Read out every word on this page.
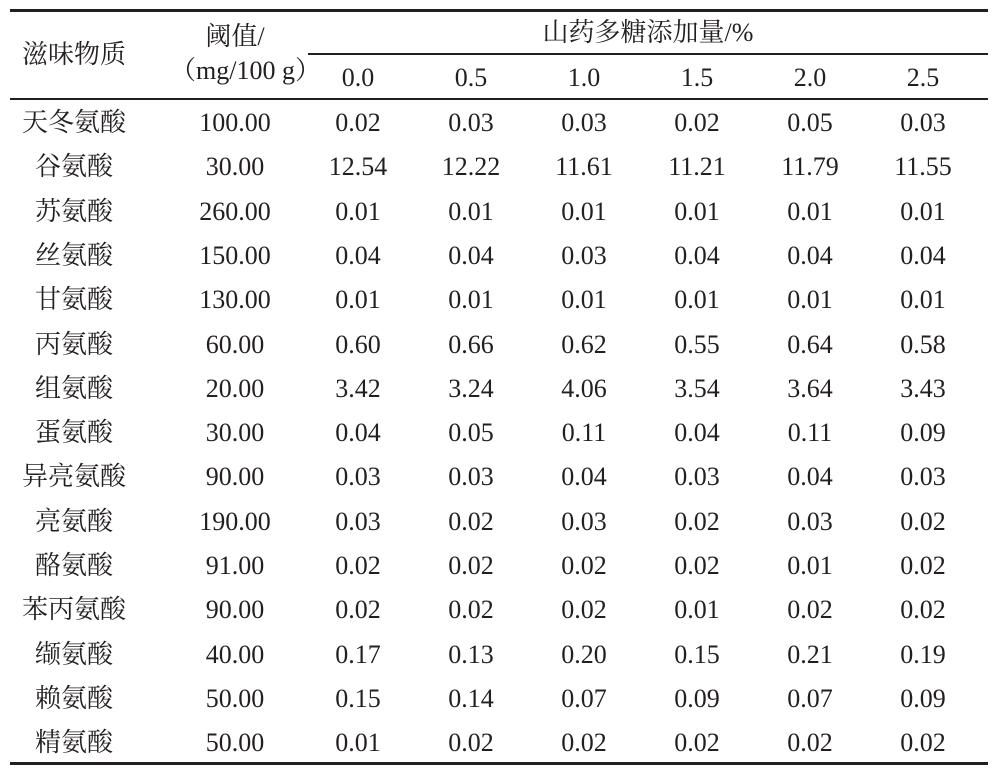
滋味物质
阈值/
（mg/100 g）
山药多糖添加量/%
0.0	0.5	1.0	1.5	2.0	2.5
天冬氨酸	100.00	0.02	0.03	0.03	0.02	0.05	0.03
谷氨酸	30.00	12.54	12.22	11.61	11.21	11.79	11.55
苏氨酸	260.00	0.01	0.01	0.01	0.01	0.01	0.01
丝氨酸	150.00	0.04	0.04	0.03	0.04	0.04	0.04
甘氨酸	130.00	0.01	0.01	0.01	0.01	0.01	0.01
丙氨酸	60.00	0.60	0.66	0.62	0.55	0.64	0.58
组氨酸	20.00	3.42	3.24	4.06	3.54	3.64	3.43
蛋氨酸	30.00	0.04	0.05	0.11	0.04	0.11	0.09
异亮氨酸	90.00	0.03	0.03	0.04	0.03	0.04	0.03
亮氨酸	190.00	0.03	0.02	0.03	0.02	0.03	0.02
酪氨酸	91.00	0.02	0.02	0.02	0.02	0.01	0.02
苯丙氨酸	90.00	0.02	0.02	0.02	0.01	0.02	0.02
缬氨酸	40.00	0.17	0.13	0.20	0.15	0.21	0.19
赖氨酸	50.00	0.15	0.14	0.07	0.09	0.07	0.09
精氨酸	50.00	0.01	0.02	0.02	0.02	0.02	0.02
